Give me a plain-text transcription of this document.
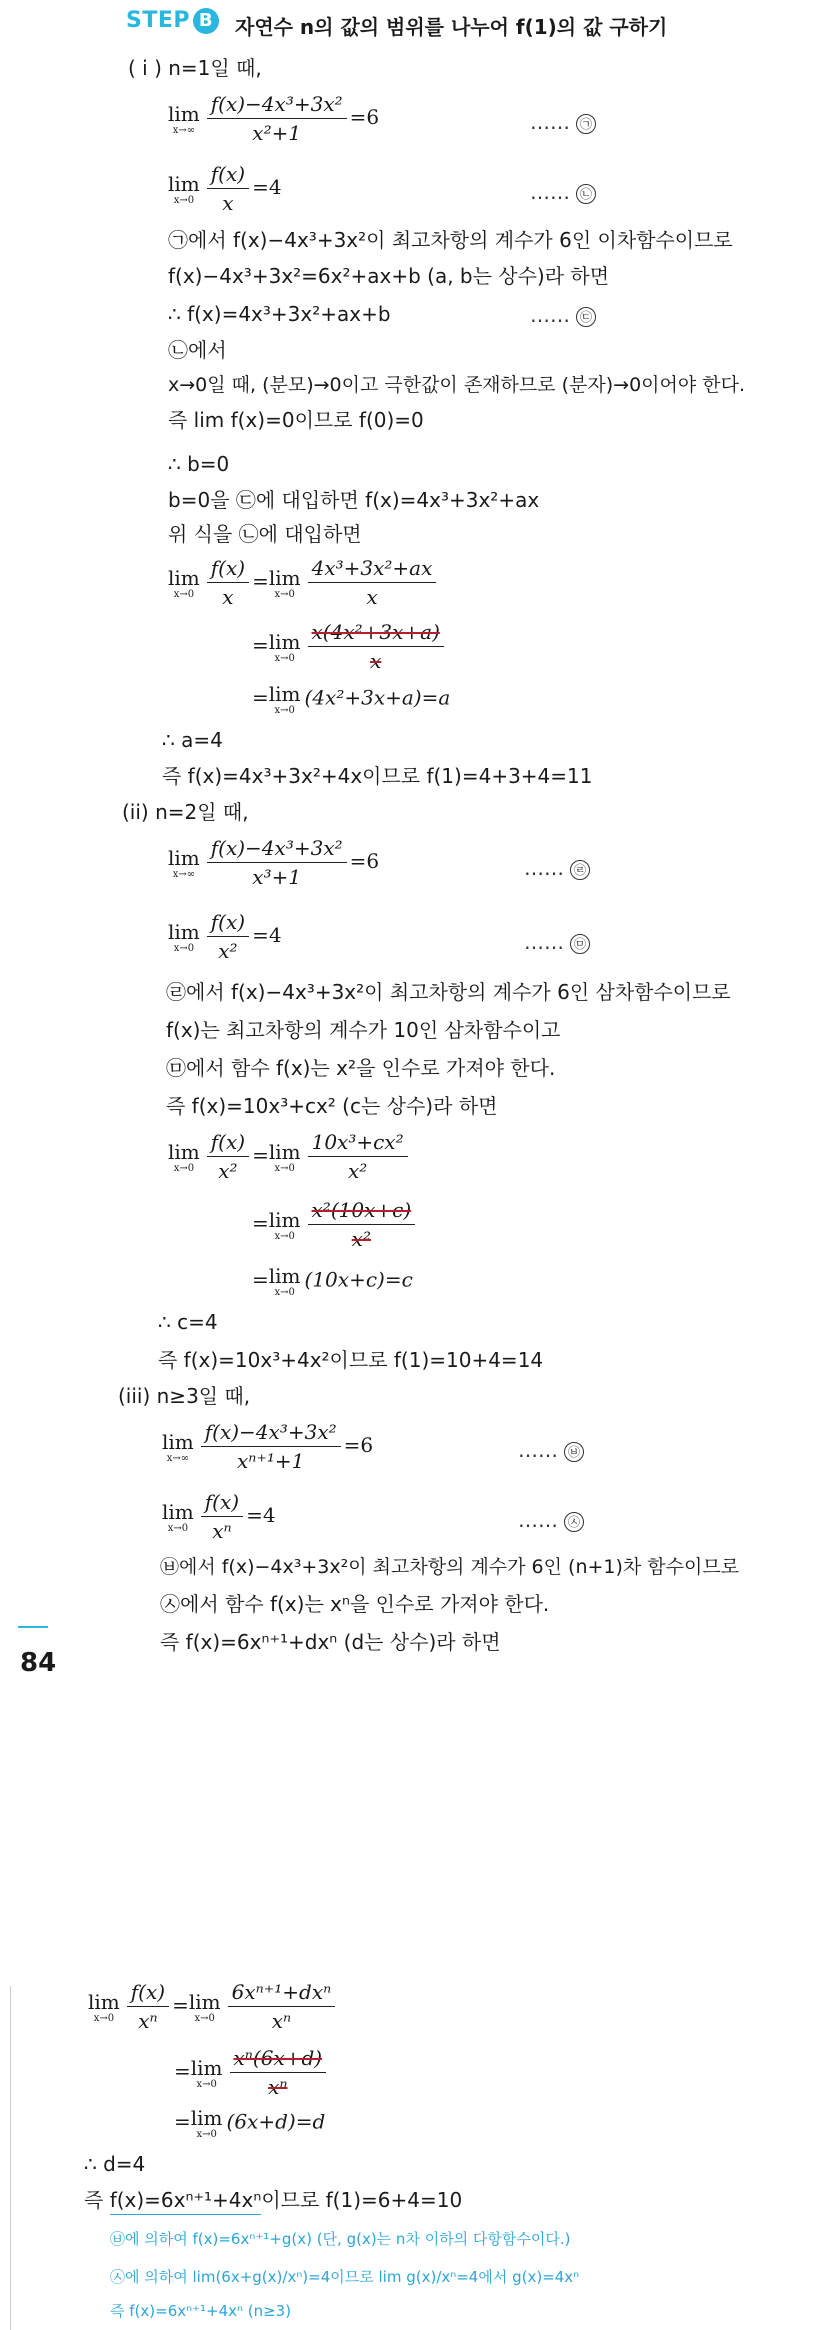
STEP B 자연수 n의 값의 범위를 나누어 f(1)의 값 구하기
( i ) n=1일 때,
lim
$x\to\infty \frac{\text{f(x)−4x³+3x²}}{\text{x²+1}} =6$	…… ㉠
lim
$x\to 0 \frac{f(x)}{x} =4$	…… ㉡
㉠에서 f(x)−4x³+3x²이 최고차항의 계수가 6인 이차함수이므로
f(x)−4x³+3x²=6x²+ax+b (a, b는 상수)라 하면
∴ f(x)=4x³+3x²+ax+b	…… ㉢
㉡에서
x→0일 때, (분모)→0이고 극한값이 존재하므로 (분자)→0이어야 한다.
즉 lim f(x)=0이므로 f(0)=0
∴ b=0
b=0을 ㉢에 대입하면 f(x)=4x³+3x²+ax
위 식을 ㉡에 대입하면
lim
$x\to 0 \frac{f(x)}{x} = \lim$
$x\to 0 \frac{\text{4x³+3x²+ax}}{x}$
= lim
$x\to 0 \frac{\text{x(4x²+3x+a)}}{x}$
= lim
x→0
(4x²+3x+a)=a
∴ a=4
즉 f(x)=4x³+3x²+4x이므로 f(1)=4+3+4=11
(ii) n=2일 때,
lim
$x\to\infty \frac{\text{f(x)−4x³+3x²}}{\text{x³+1}} =6$	…… ㉣
lim
$x\to 0 \frac{f(x)}{\text{x²}} =4$	…… ㉤
㉣에서 f(x)−4x³+3x²이 최고차항의 계수가 6인 삼차함수이므로
f(x)는 최고차항의 계수가 10인 삼차함수이고
㉤에서 함수 f(x)는 x²을 인수로 가져야 한다.
즉 f(x)=10x³+cx² (c는 상수)라 하면
lim
$x\to 0 \frac{f(x)}{\text{x²}} = \lim$
$x\to 0 \frac{\text{10x³+cx²}}{\text{x²}}$
= lim
$x\to 0 \frac{\text{x²(10x+c)}}{\text{x²}}$
= lim
x→0
(10x+c)=c
∴ c=4
즉 f(x)=10x³+4x²이므로 f(1)=10+4=14
(iii) n≥3일 때,
lim
$x\to\infty \frac{\text{f(x)−4x³+3x²}}{\text{xⁿ⁺¹+1}} =6$	…… ㉥
lim
$x\to 0 \frac{f(x)}{\text{xⁿ}} =4$	…… ㉦
㉥에서 f(x)−4x³+3x²이 최고차항의 계수가 6인 (n+1)차 함수이므로
㉦에서 함수 f(x)는 xⁿ을 인수로 가져야 한다.
즉 f(x)=6xⁿ⁺¹+dxⁿ (d는 상수)라 하면
84
lim
$x\to 0 \frac{f(x)}{\text{xⁿ}} = \lim$
$x\to 0 \frac{\text{6xⁿ⁺¹+dxⁿ}}{\text{xⁿ}}$
= lim
$x\to 0 \frac{\text{xⁿ(6x+d)}}{\text{xⁿ}}$
= lim
x→0
(6x+d)=d
∴ d=4
즉 f(x)=6xⁿ⁺¹+4xⁿ이므로 f(1)=6+4=10
㉥에 의하여 f(x)=6xⁿ⁺¹+g(x) (단, g(x)는 n차 이하의 다항함수이다.)
㉦에 의하여 lim(6x+g(x)/xⁿ)=4이므로 lim g(x)/xⁿ=4에서 g(x)=4xⁿ
즉 f(x)=6xⁿ⁺¹+4xⁿ (n≥3)
